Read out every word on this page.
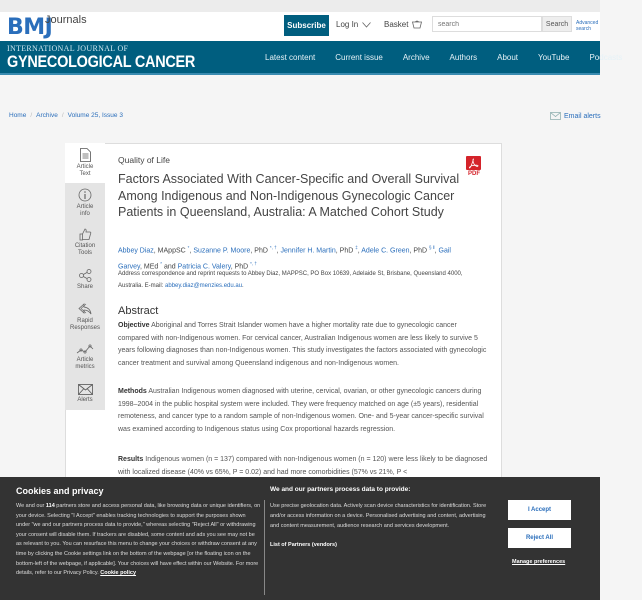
BMJ
Journals	Subscribe	Log In	Basket
search	Search	Advanced search
INTERNATIONAL JOURNAL OF
GYNECOLOGICAL CANCER	Latest content	Current issue	Archive	Authors	About	YouTube	Podcasts
Home / Archive / Volume 25, Issue 3	Email alerts
Article
Text
Article
info
Citation
Tools
Share
Rapid
Responses
Article
metrics
Alerts
Quality of Life
Factors Associated With Cancer-Specific and Overall Survival Among Indigenous and Non-Indigenous Gynecologic Cancer Patients in Queensland, Australia: A Matched Cohort Study
PDF
Abbey Diaz, MAppSC *, Suzanne P. Moore, PhD *, †, Jennifer H. Martin, PhD ‡, Adele C. Green, PhD § ‖, Gail Garvey, MEd * and Patricia C. Valery, PhD *, †
Address correspondence and reprint requests to Abbey Diaz, MAPPSC, PO Box 10639, Adelaide St, Brisbane, Queensland 4000, Australia. E-mail: abbey.diaz@menzies.edu.au.
Abstract
Objective Aboriginal and Torres Strait Islander women have a higher mortality rate due to gynecologic cancer compared with non-Indigenous women. For cervical cancer, Australian Indigenous women are less likely to survive 5 years following diagnoses than non-Indigenous women. This study investigates the factors associated with gynecologic cancer treatment and survival among Queensland indigenous and non-Indigenous women.
Methods Australian Indigenous women diagnosed with uterine, cervical, ovarian, or other gynecologic cancers during 1998–2004 in the public hospital system were included. They were frequency matched on age (±5 years), residential remoteness, and cancer type to a random sample of non-Indigenous women. One- and 5-year cancer-specific survival was examined according to Indigenous status using Cox proportional hazards regression.
Results Indigenous women (n = 137) compared with non-Indigenous women (n = 120) were less likely to be diagnosed with localized disease (40% vs 65%, P = 0.02) and had more comorbidities (57% vs 21%, P <
Cookies and privacy
We and our 114 partners store and access personal data, like browsing data or unique identifiers, on your device. Selecting "I Accept" enables tracking technologies to support the purposes shown under "we and our partners process data to provide," whereas selecting "Reject All" or withdrawing your consent will disable them. If trackers are disabled, some content and ads you see may not be as relevant to you. You can resurface this menu to change your choices or withdraw consent at any time by clicking the Cookie settings link on the bottom of the webpage [or the floating icon on the bottom-left of the webpage, if applicable]. Your choices will have effect within our Website. For more details, refer to our Privacy Policy. Cookie policy
We and our partners process data to provide:
Use precise geolocation data. Actively scan device characteristics for identification. Store and/or access information on a device. Personalised advertising and content, advertising and content measurement, audience research and services development.
List of Partners (vendors)
I Accept
Reject All
Manage preferences
